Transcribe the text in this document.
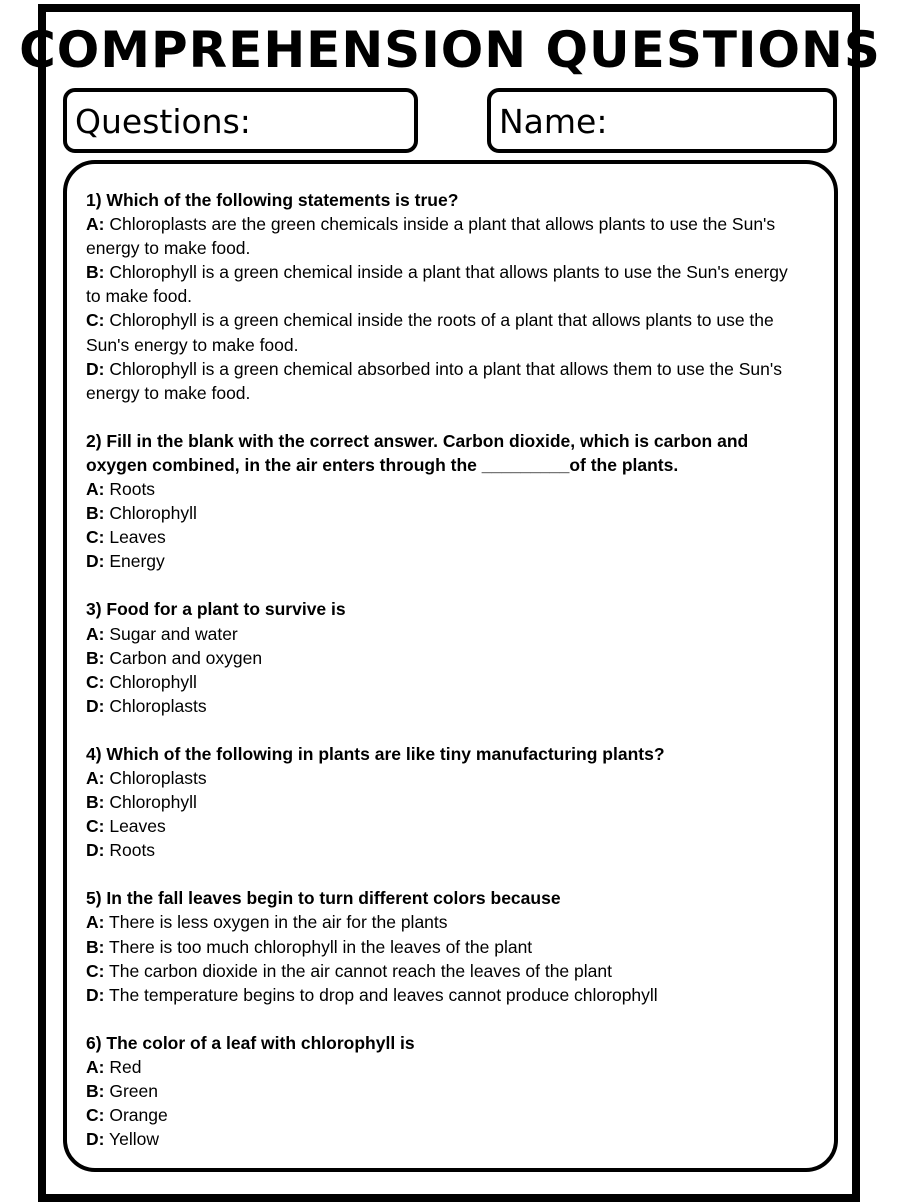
COMPREHENSION QUESTIONS
Questions:	Name:

1) Which of the following statements is true?

A: Chloroplasts are the green chemicals inside a plant that allows plants to use the Sun's energy to make food.

B: Chlorophyll is a green chemical inside a plant that allows plants to use the Sun's energy to make food.

C: Chlorophyll is a green chemical inside the roots of a plant that allows plants to use the Sun's energy to make food.

D: Chlorophyll is a green chemical absorbed into a plant that allows them to use the Sun's energy to make food.

2) Fill in the blank with the correct answer. Carbon dioxide, which is carbon and oxygen combined, in the air enters through the _________of the plants.

A: Roots

B: Chlorophyll

C: Leaves

D: Energy

3) Food for a plant to survive is

A: Sugar and water

B: Carbon and oxygen

C: Chlorophyll

D: Chloroplasts

4) Which of the following in plants are like tiny manufacturing plants?

A: Chloroplasts

B: Chlorophyll

C: Leaves

D: Roots

5) In the fall leaves begin to turn different colors because

A: There is less oxygen in the air for the plants

B: There is too much chlorophyll in the leaves of the plant

C: The carbon dioxide in the air cannot reach the leaves of the plant

D: The temperature begins to drop and leaves cannot produce chlorophyll

6) The color of a leaf with chlorophyll is

A: Red

B: Green

C: Orange

D: Yellow
